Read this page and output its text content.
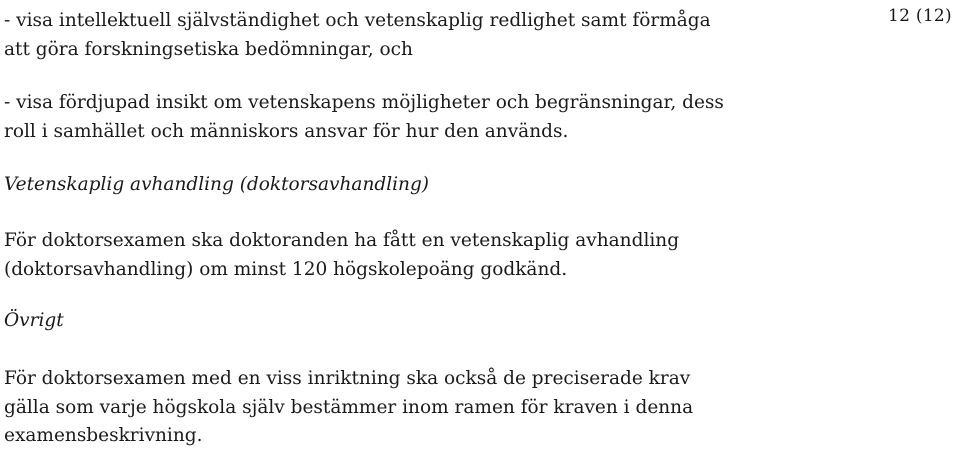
12 (12)

- visa intellektuell självständighet och vetenskaplig redlighet samt förmåga
att göra forskningsetiska bedömningar, och

- visa fördjupad insikt om vetenskapens möjligheter och begränsningar, dess
roll i samhället och människors ansvar för hur den används.

Vetenskaplig avhandling (doktorsavhandling)

För doktorsexamen ska doktoranden ha fått en vetenskaplig avhandling
(doktorsavhandling) om minst 120 högskolepoäng godkänd.

Övrigt

För doktorsexamen med en viss inriktning ska också de preciserade krav
gälla som varje högskola själv bestämmer inom ramen för kraven i denna
examensbeskrivning.
